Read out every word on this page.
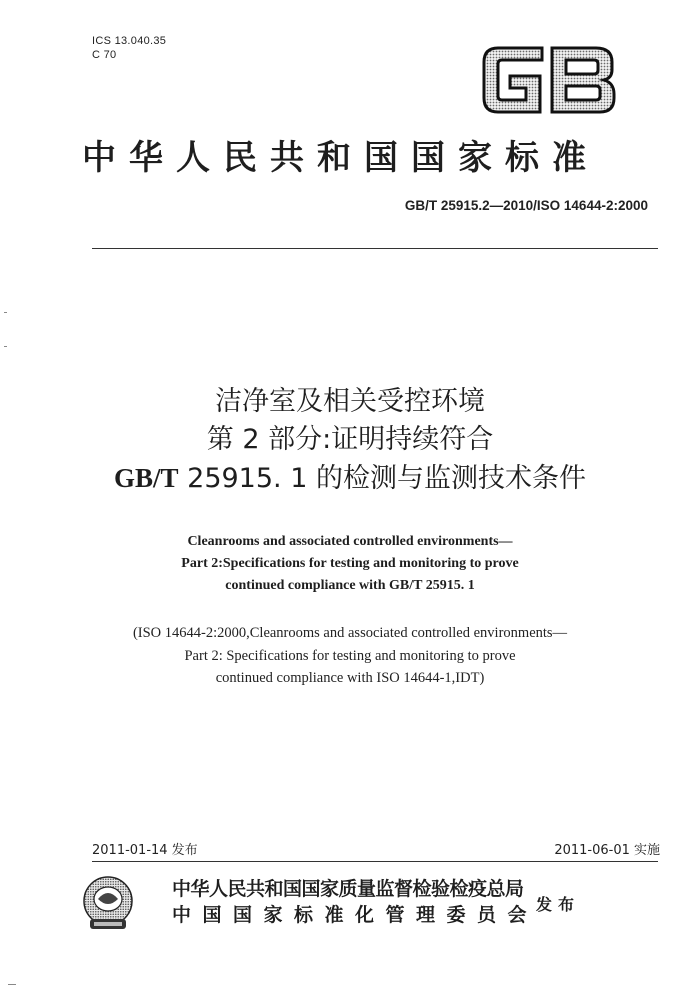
ICS 13.040.35
C 70
中华人民共和国国家标准
GB/T 25915.2—2010/ISO 14644-2:2000
洁净室及相关受控环境
第 2 部分:证明持续符合
GB/T 25915. 1 的检测与监测技术条件
Cleanrooms and associated controlled environments—
Part 2:Specifications for testing and monitoring to prove
continued compliance with GB/T 25915. 1
(ISO 14644-2:2000,Cleanrooms and associated controlled environments—
Part 2: Specifications for testing and monitoring to prove
continued compliance with ISO 14644-1,IDT)
2011-01-14 发布	2011-06-01 实施
中华人民共和国国家质量监督检验检疫总局
中国国家标准化管理委员会
发布
